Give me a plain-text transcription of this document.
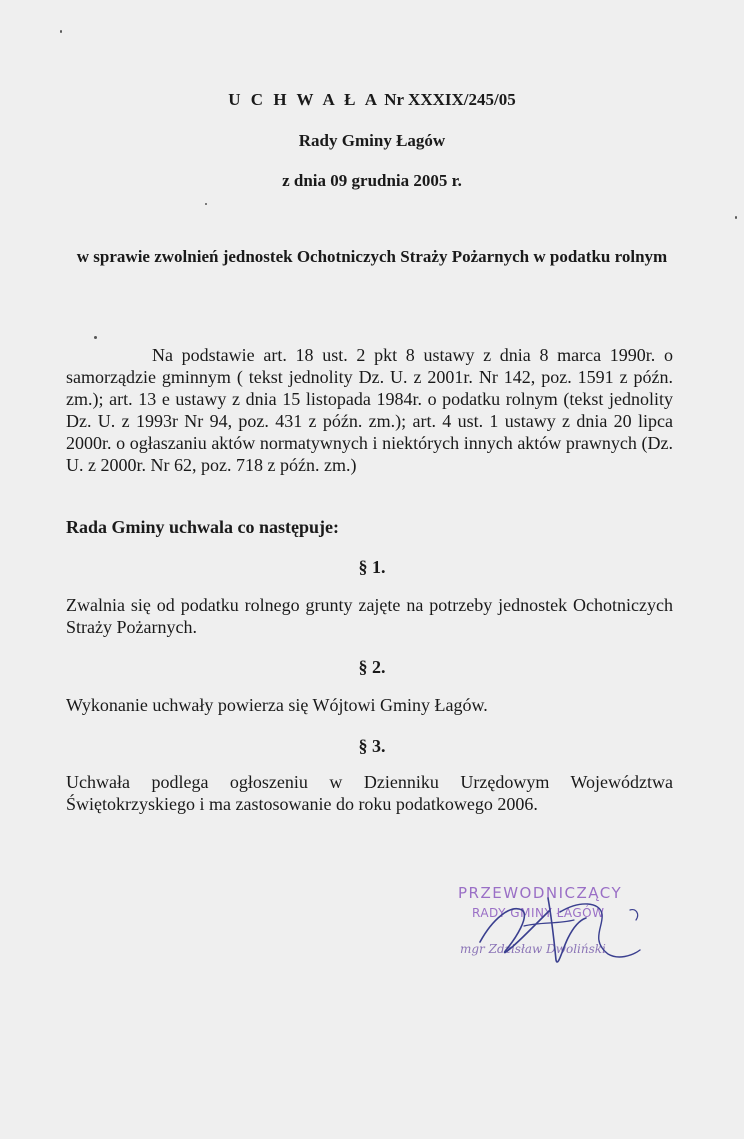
U C H W A Ł A Nr XXXIX/245/05
Rady Gminy Łagów
z dnia 09 grudnia 2005 r.
w sprawie zwolnień jednostek Ochotniczych Straży Pożarnych w podatku rolnym
Na podstawie art. 18 ust. 2 pkt 8 ustawy z dnia 8 marca 1990r. o samorządzie gminnym ( tekst jednolity Dz. U. z 2001r. Nr 142, poz. 1591 z późn. zm.); art. 13 e ustawy z dnia 15 listopada 1984r. o podatku rolnym (tekst jednolity Dz. U. z 1993r Nr 94, poz. 431 z późn. zm.); art. 4 ust. 1 ustawy z dnia 20 lipca 2000r. o ogłaszaniu aktów normatywnych i niektórych innych aktów prawnych (Dz. U. z 2000r. Nr 62, poz. 718 z późn. zm.)
Rada Gminy uchwala co następuje:
§ 1.
Zwalnia się od podatku rolnego grunty zajęte na potrzeby jednostek Ochotniczych Straży Pożarnych.
§ 2.
Wykonanie uchwały powierza się Wójtowi Gminy Łagów.
§ 3.
Uchwała podlega ogłoszeniu w Dzienniku Urzędowym Województwa Świętokrzyskiego i ma zastosowanie do roku podatkowego 2006.
PRZEWODNICZĄCY
RADY GMINY ŁAGÓW
mgr Zdzisław Dwoliński
